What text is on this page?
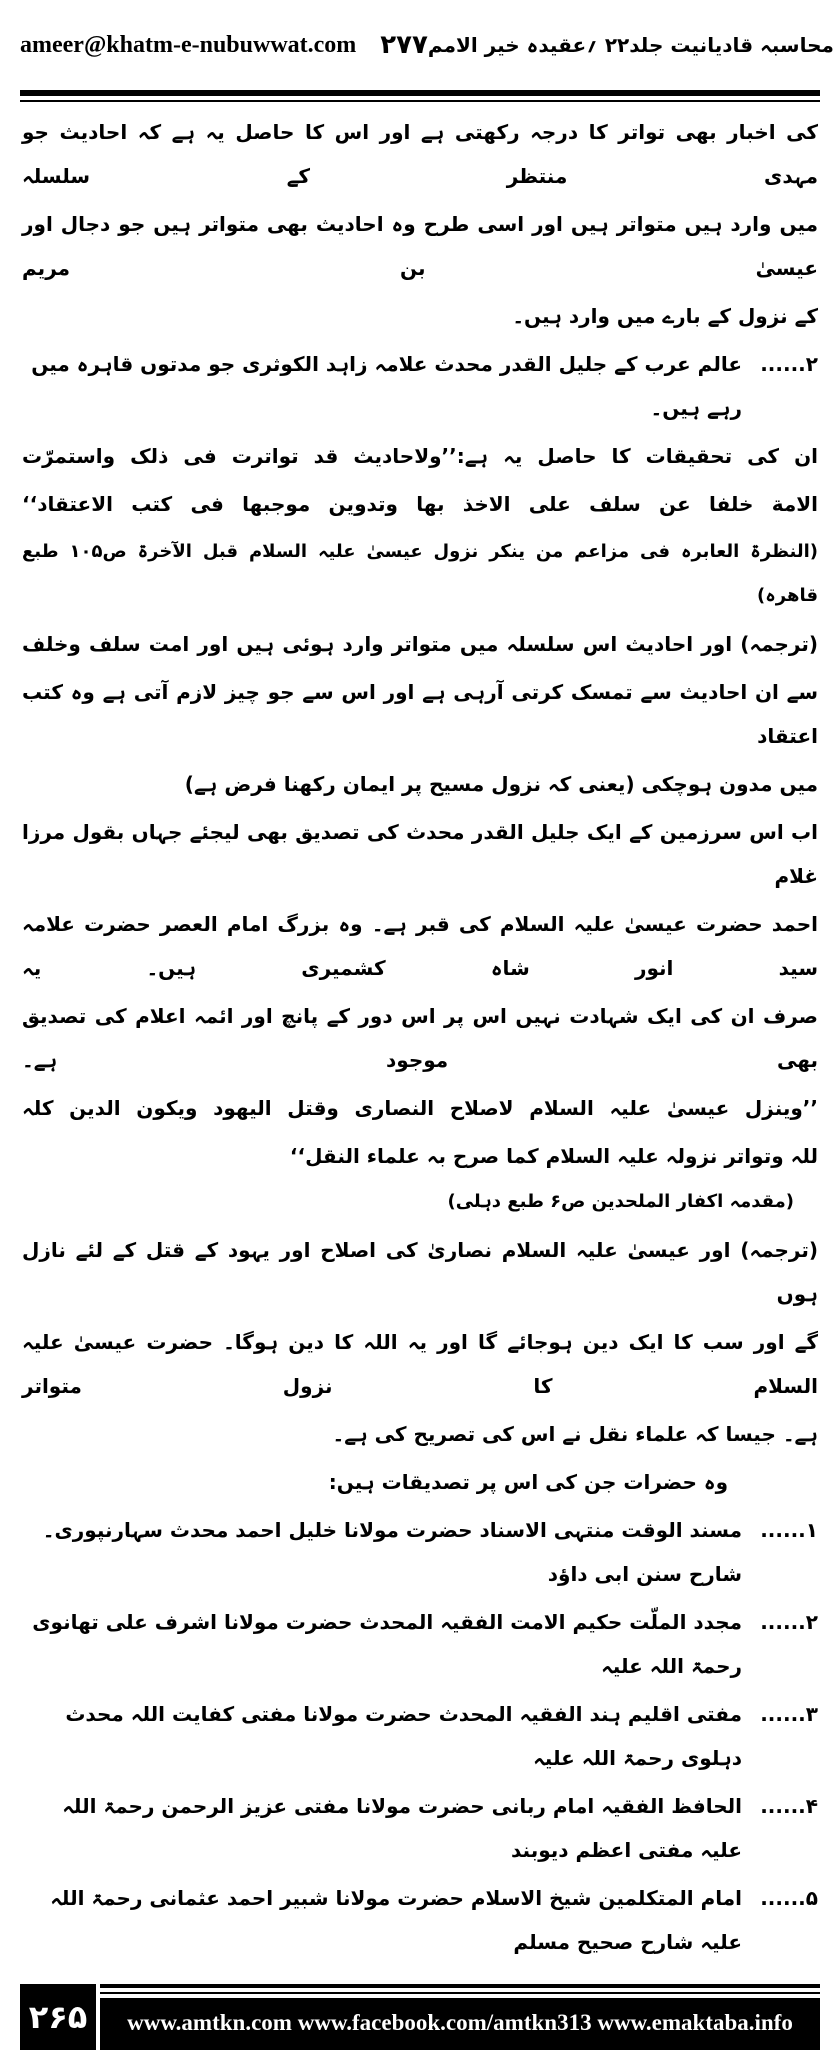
ameer@khatm-e-nubuwwat.com ۲۷۷ محاسبہ قادیانیت جلد۲۲ ؍عقیدہ خیر الامم
کی اخبار بھی تواتر کا درجہ رکھتی ہے اور اس کا حاصل یہ ہے کہ احادیث جو مہدی منتظر کے سلسلہ
میں وارد ہیں متواتر ہیں اور اسی طرح وہ احادیث بھی متواتر ہیں جو دجال اور عیسیٰ بن مریم
کے نزول کے بارے میں وارد ہیں۔
۲......
عالم عرب کے جلیل القدر محدث علامہ زاہد الکوثری جو مدتوں قاہرہ میں رہے ہیں۔
ان کی تحقیقات کا حاصل یہ ہے:’’ولاحادیث قد تواترت فی ذلک واستمرّت
الامة خلفا عن سلف علی الاخذ بھا وتدوین موجبھا فی کتب الاعتقاد‘‘
(النظرۃ العابرہ فی مزاعم من ینکر نزول عیسیٰ علیہ السلام قبل الآخرۃ ص۱۰۵ طبع قاھرہ)
(ترجمہ) اور احادیث اس سلسلہ میں متواتر وارد ہوئی ہیں اور امت سلف وخلف
سے ان احادیث سے تمسک کرتی آرہی ہے اور اس سے جو چیز لازم آتی ہے وہ کتب اعتقاد
میں مدون ہوچکی (یعنی کہ نزول مسیح پر ایمان رکھنا فرض ہے)
اب اس سرزمین کے ایک جلیل القدر محدث کی تصدیق بھی لیجئے جہاں بقول مرزا غلام
احمد حضرت عیسیٰ علیہ السلام کی قبر ہے۔ وہ بزرگ امام العصر حضرت علامہ سید انور شاہ کشمیری ہیں۔ یہ
صرف ان کی ایک شہادت نہیں اس پر اس دور کے پانچ اور ائمہ اعلام کی تصدیق بھی موجود ہے۔
’’وینزل عیسیٰ علیہ السلام لاصلاح النصاری وقتل الیھود ویکون الدین کلہ
للہ وتواتر نزولہ علیہ السلام کما صرح بہ علماء النقل‘‘(مقدمہ اکفار الملحدین ص۶ طبع دہلی)
(ترجمہ) اور عیسیٰ علیہ السلام نصاریٰ کی اصلاح اور یہود کے قتل کے لئے نازل ہوں
گے اور سب کا ایک دین ہوجائے گا اور یہ اللہ کا دین ہوگا۔ حضرت عیسیٰ علیہ السلام کا نزول متواتر
ہے۔ جیسا کہ علماء نقل نے اس کی تصریح کی ہے۔
وہ حضرات جن کی اس پر تصدیقات ہیں:
۱......
مسند الوقت منتہی الاسناد حضرت مولانا خلیل احمد محدث سہارنپوری۔ شارح سنن ابی داؤد
۲......
مجدد الملّت حکیم الامت الفقیہ المحدث حضرت مولانا اشرف علی تھانوی رحمۃ اللہ علیہ
۳......
مفتی اقلیم ہند الفقیہ المحدث حضرت مولانا مفتی کفایت اللہ محدث دہلوی رحمۃ اللہ علیہ
۴......
الحافظ الفقیہ امام ربانی حضرت مولانا مفتی عزیز الرحمن رحمۃ اللہ علیہ مفتی اعظم دیوبند
۵......
امام المتکلمین شیخ الاسلام حضرت مولانا شبیر احمد عثمانی رحمۃ اللہ علیہ شارح صحیح مسلم
۲۶۵	www.amtkn.com www.facebook.com/amtkn313 www.emaktaba.info
